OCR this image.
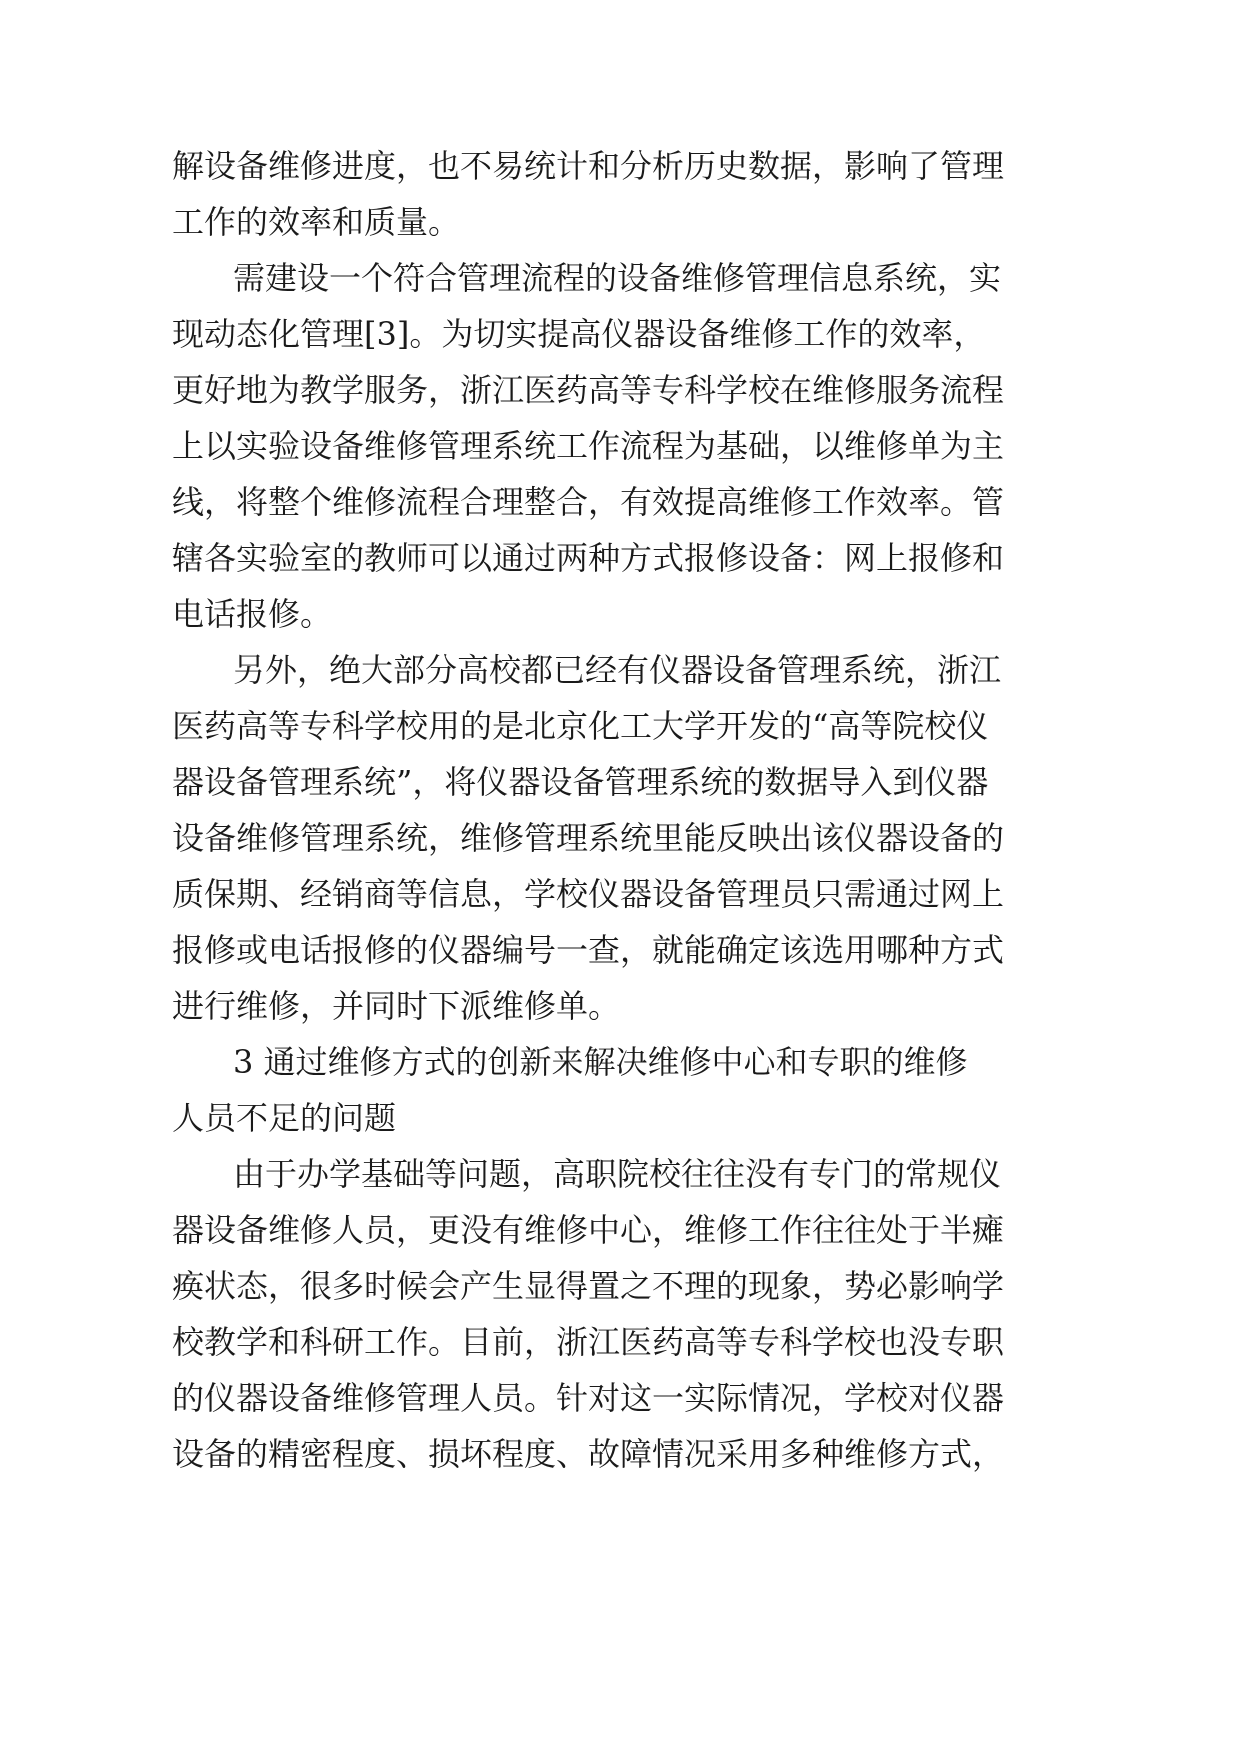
解设备维修进度，也不易统计和分析历史数据，影响了管理
工作的效率和质量。
需建设一个符合管理流程的设备维修管理信息系统，实
现动态化管理[3]。为切实提高仪器设备维修工作的效率，
更好地为教学服务，浙江医药高等专科学校在维修服务流程
上以实验设备维修管理系统工作流程为基础，以维修单为主
线，将整个维修流程合理整合，有效提高维修工作效率。管
辖各实验室的教师可以通过两种方式报修设备：网上报修和
电话报修。
另外，绝大部分高校都已经有仪器设备管理系统，浙江
医药高等专科学校用的是北京化工大学开发的“高等院校仪
器设备管理系统”，将仪器设备管理系统的数据导入到仪器
设备维修管理系统，维修管理系统里能反映出该仪器设备的
质保期、经销商等信息，学校仪器设备管理员只需通过网上
报修或电话报修的仪器编号一查，就能确定该选用哪种方式
进行维修，并同时下派维修单。
3 通过维修方式的创新来解决维修中心和专职的维修
人员不足的问题
由于办学基础等问题，高职院校往往没有专门的常规仪
器设备维修人员，更没有维修中心，维修工作往往处于半瘫
痪状态，很多时候会产生显得置之不理的现象，势必影响学
校教学和科研工作。目前，浙江医药高等专科学校也没专职
的仪器设备维修管理人员。针对这一实际情况，学校对仪器
设备的精密程度、损坏程度、故障情况采用多种维修方式，
